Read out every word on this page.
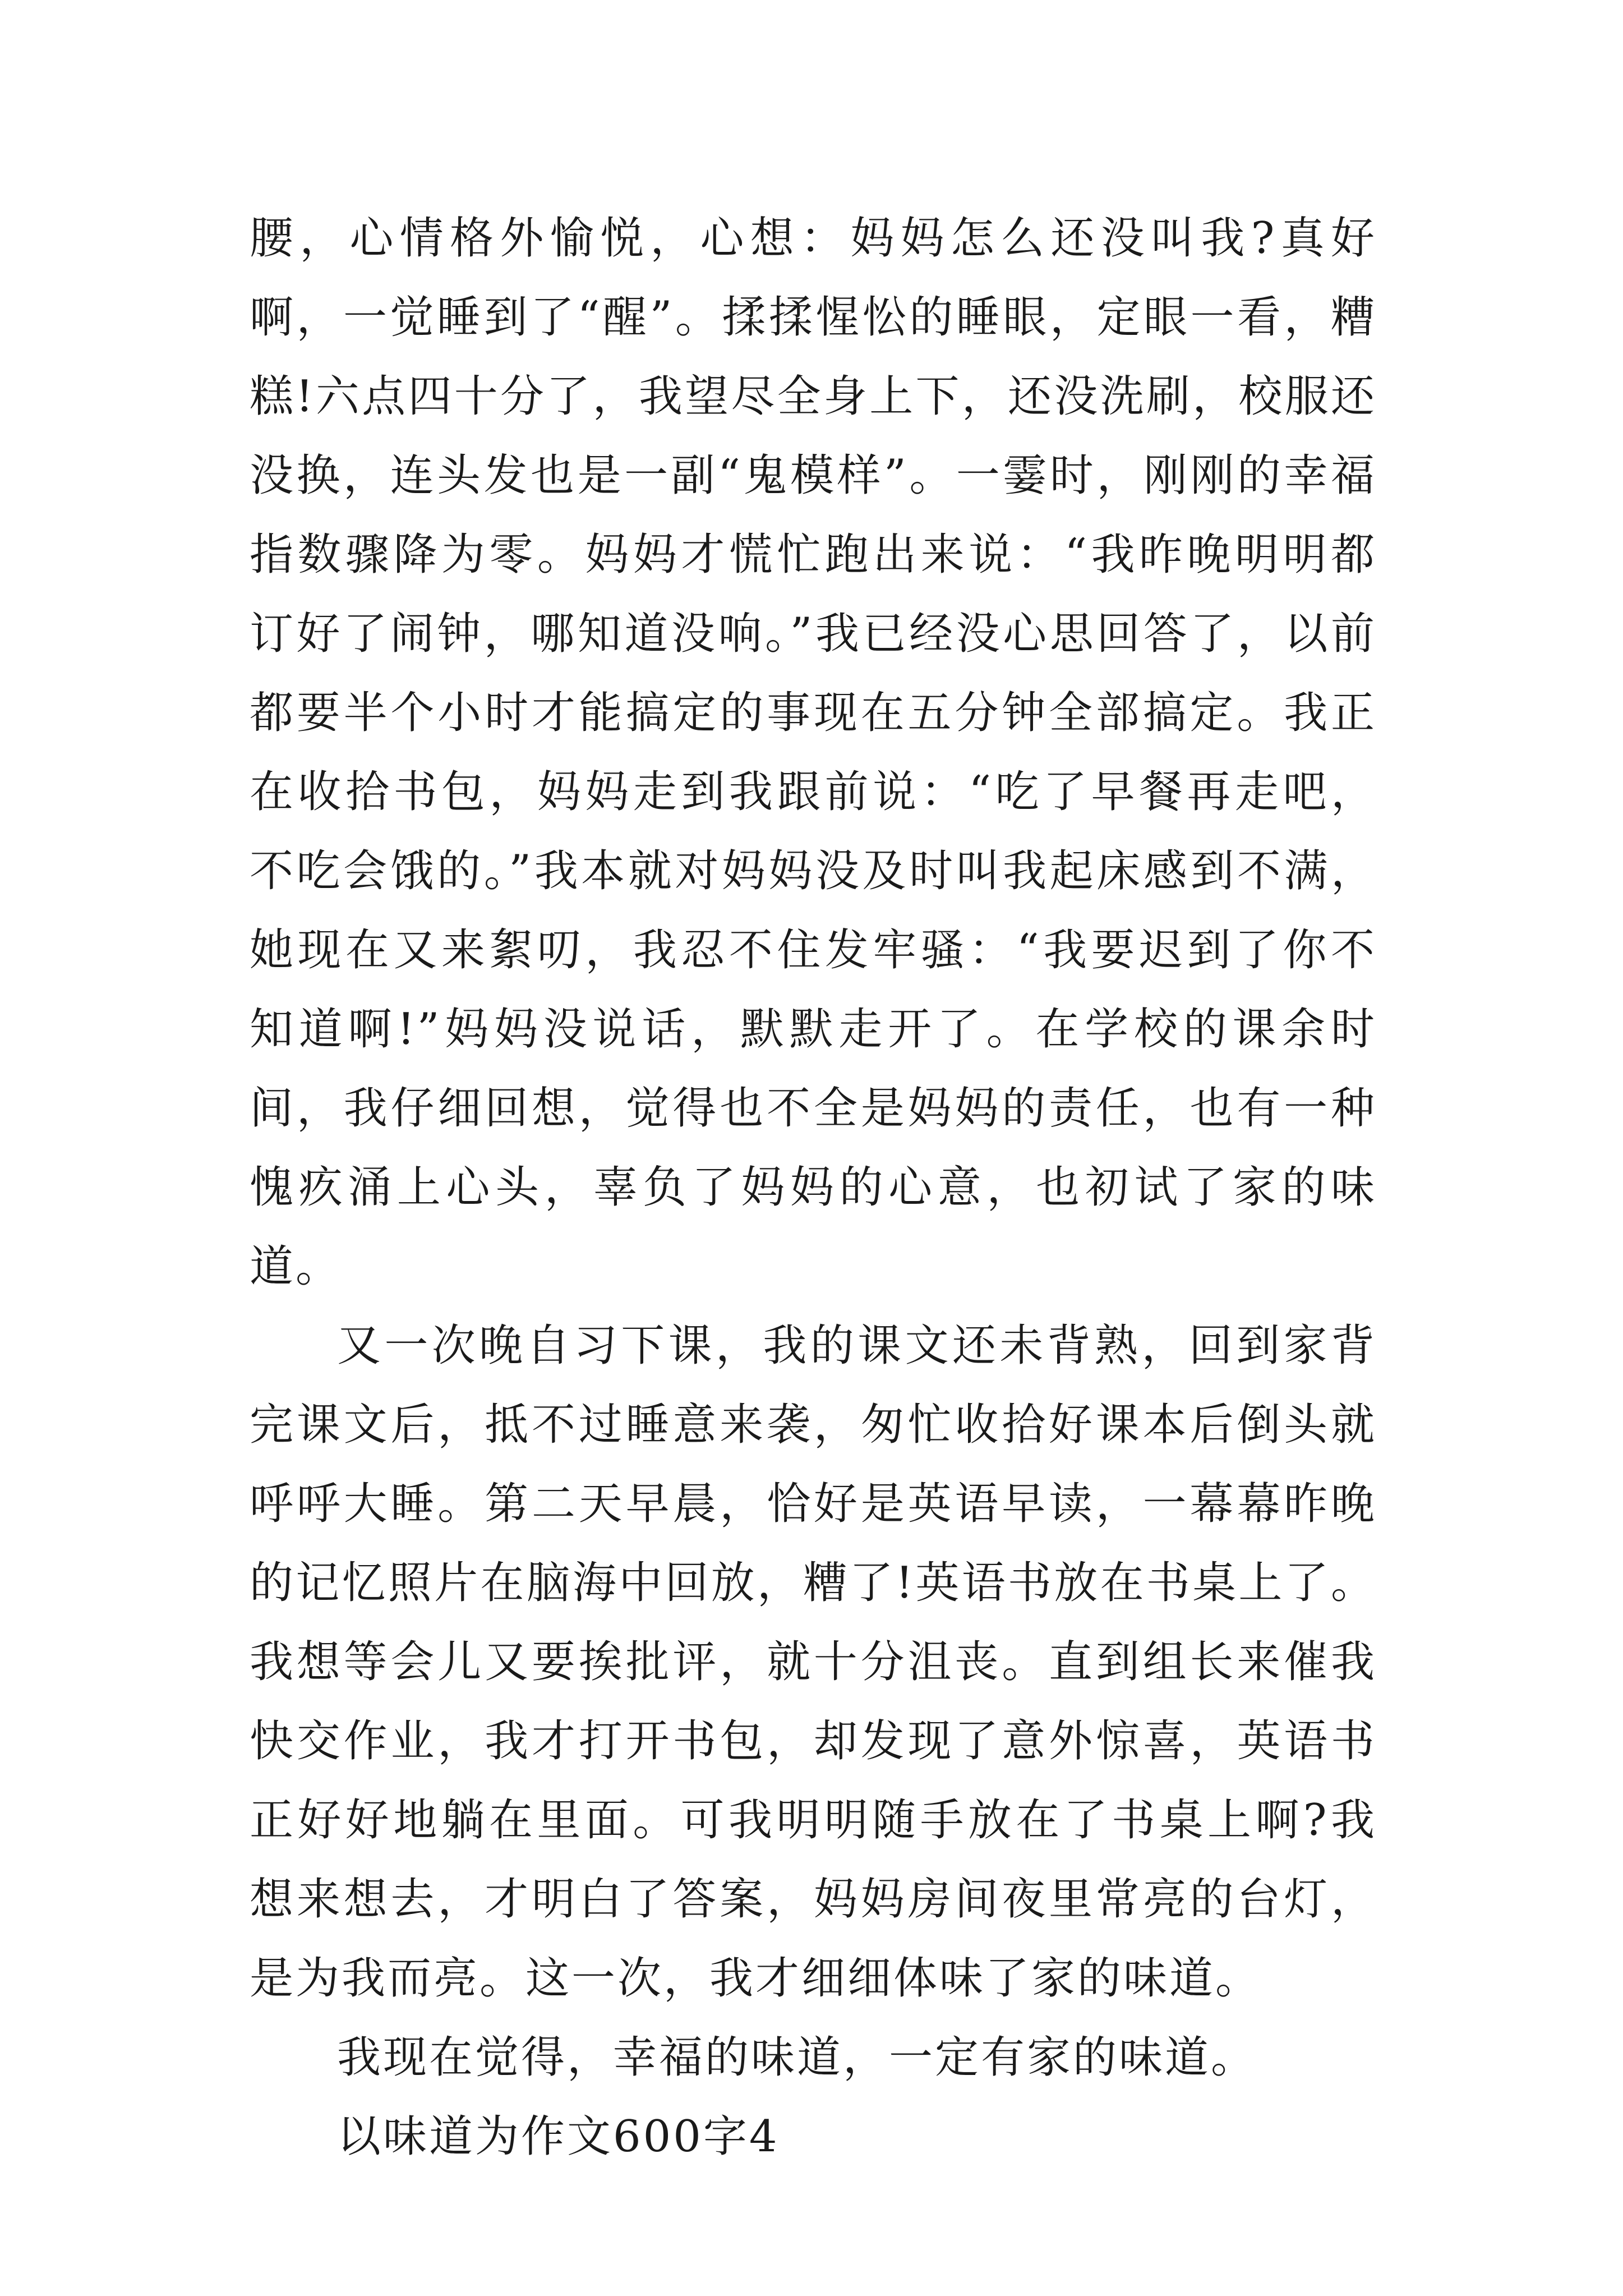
腰，心情格外愉悦，心想：妈妈怎么还没叫我?真好啊，一觉睡到了“醒”。揉揉惺忪的睡眼，定眼一看，糟糕!六点四十分了，我望尽全身上下，还没洗刷，校服还没换，连头发也是一副“鬼模样”。一霎时，刚刚的幸福指数骤降为零。妈妈才慌忙跑出来说：“我昨晚明明都订好了闹钟，哪知道没响。”我已经没心思回答了，以前都要半个小时才能搞定的事现在五分钟全部搞定。我正在收拾书包，妈妈走到我跟前说：“吃了早餐再走吧，不吃会饿的。”我本就对妈妈没及时叫我起床感到不满，她现在又来絮叨，我忍不住发牢骚：“我要迟到了你不知道啊!”妈妈没说话，默默走开了。在学校的课余时间，我仔细回想，觉得也不全是妈妈的责任，也有一种愧疚涌上心头，辜负了妈妈的心意，也初试了家的味道。

又一次晚自习下课，我的课文还未背熟，回到家背完课文后，抵不过睡意来袭，匆忙收拾好课本后倒头就呼呼大睡。第二天早晨，恰好是英语早读，一幕幕昨晚的记忆照片在脑海中回放，糟了!英语书放在书桌上了。我想等会儿又要挨批评，就十分沮丧。直到组长来催我快交作业，我才打开书包，却发现了意外惊喜，英语书正好好地躺在里面。可我明明随手放在了书桌上啊?我想来想去，才明白了答案，妈妈房间夜里常亮的台灯，是为我而亮。这一次，我才细细体味了家的味道。

我现在觉得，幸福的味道，一定有家的味道。

以味道为作文600字4
